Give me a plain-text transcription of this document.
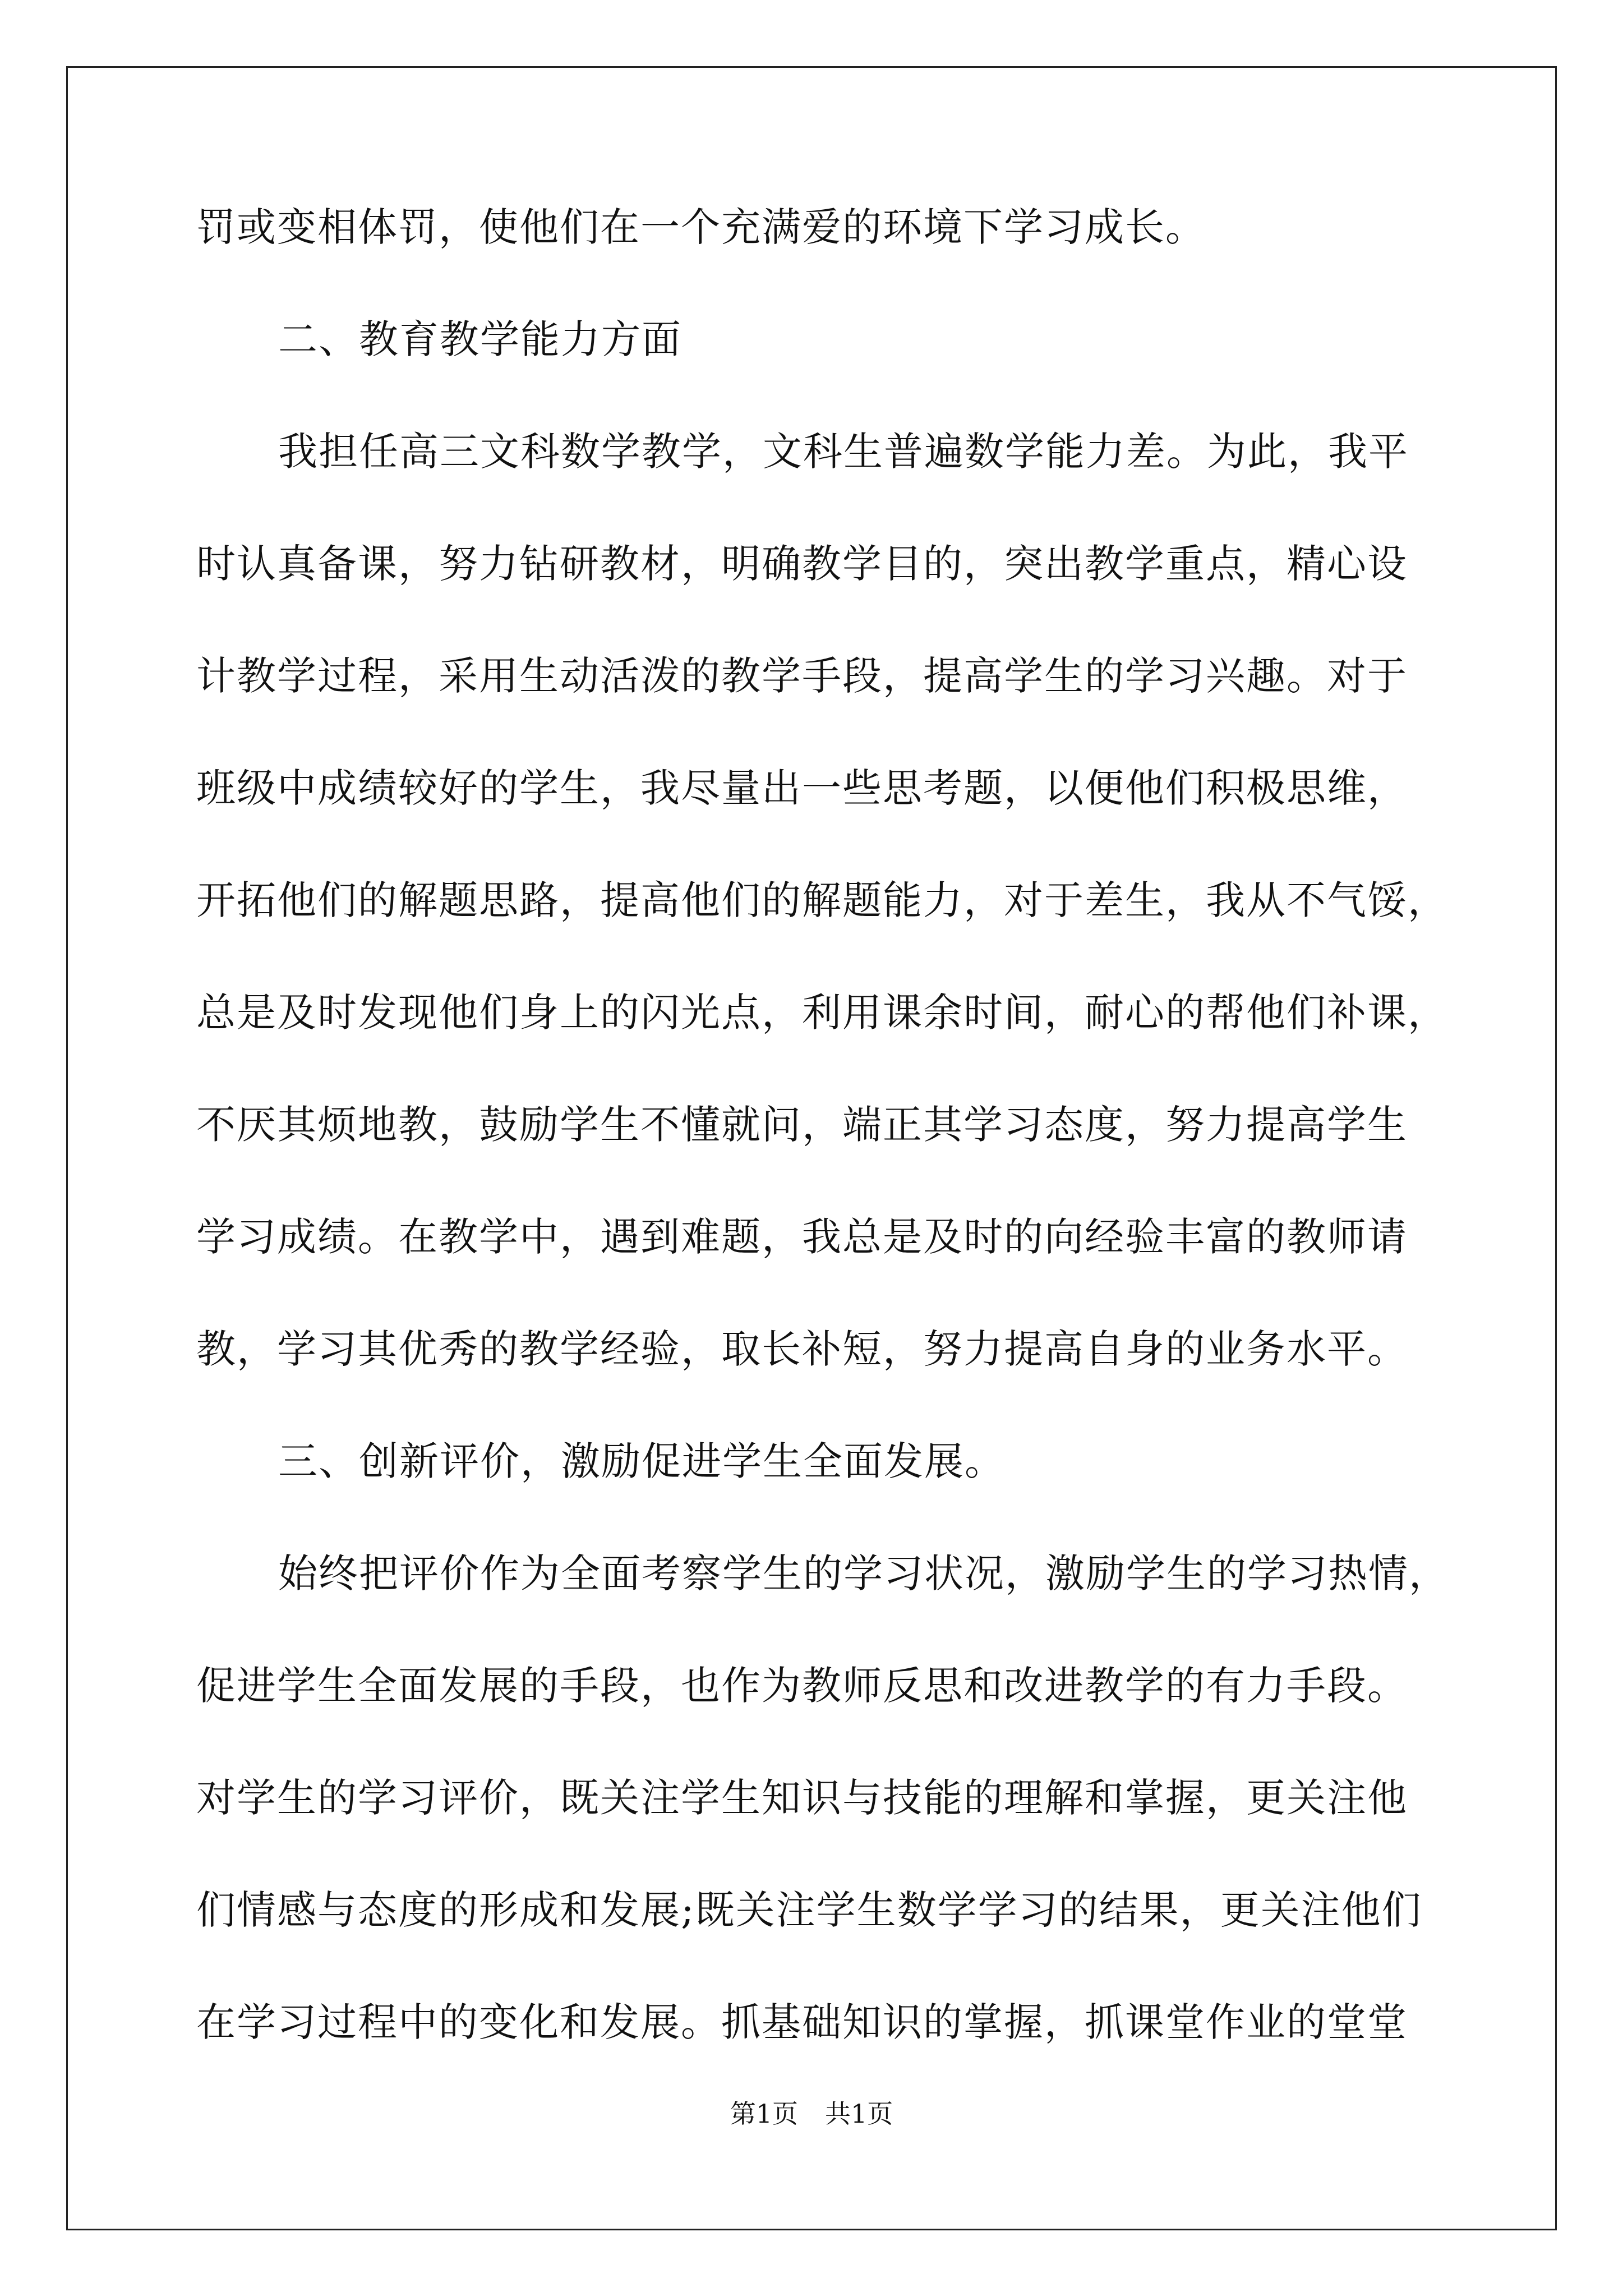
罚或变相体罚，使他们在一个充满爱的环境下学习成长。
二、教育教学能力方面
我担任高三文科数学教学，文科生普遍数学能力差。为此，我平
时认真备课，努力钻研教材，明确教学目的，突出教学重点，精心设
计教学过程，采用生动活泼的教学手段，提高学生的学习兴趣。对于
班级中成绩较好的学生，我尽量出一些思考题，以便他们积极思维，
开拓他们的解题思路，提高他们的解题能力，对于差生，我从不气馁，
总是及时发现他们身上的闪光点，利用课余时间，耐心的帮他们补课，
不厌其烦地教，鼓励学生不懂就问，端正其学习态度，努力提高学生
学习成绩。在教学中，遇到难题，我总是及时的向经验丰富的教师请
教，学习其优秀的教学经验，取长补短，努力提高自身的业务水平。
三、创新评价，激励促进学生全面发展。
始终把评价作为全面考察学生的学习状况，激励学生的学习热情，
促进学生全面发展的手段，也作为教师反思和改进教学的有力手段。
对学生的学习评价，既关注学生知识与技能的理解和掌握，更关注他
们情感与态度的形成和发展;既关注学生数学学习的结果，更关注他们
在学习过程中的变化和发展。抓基础知识的掌握，抓课堂作业的堂堂
第1页 共1页
